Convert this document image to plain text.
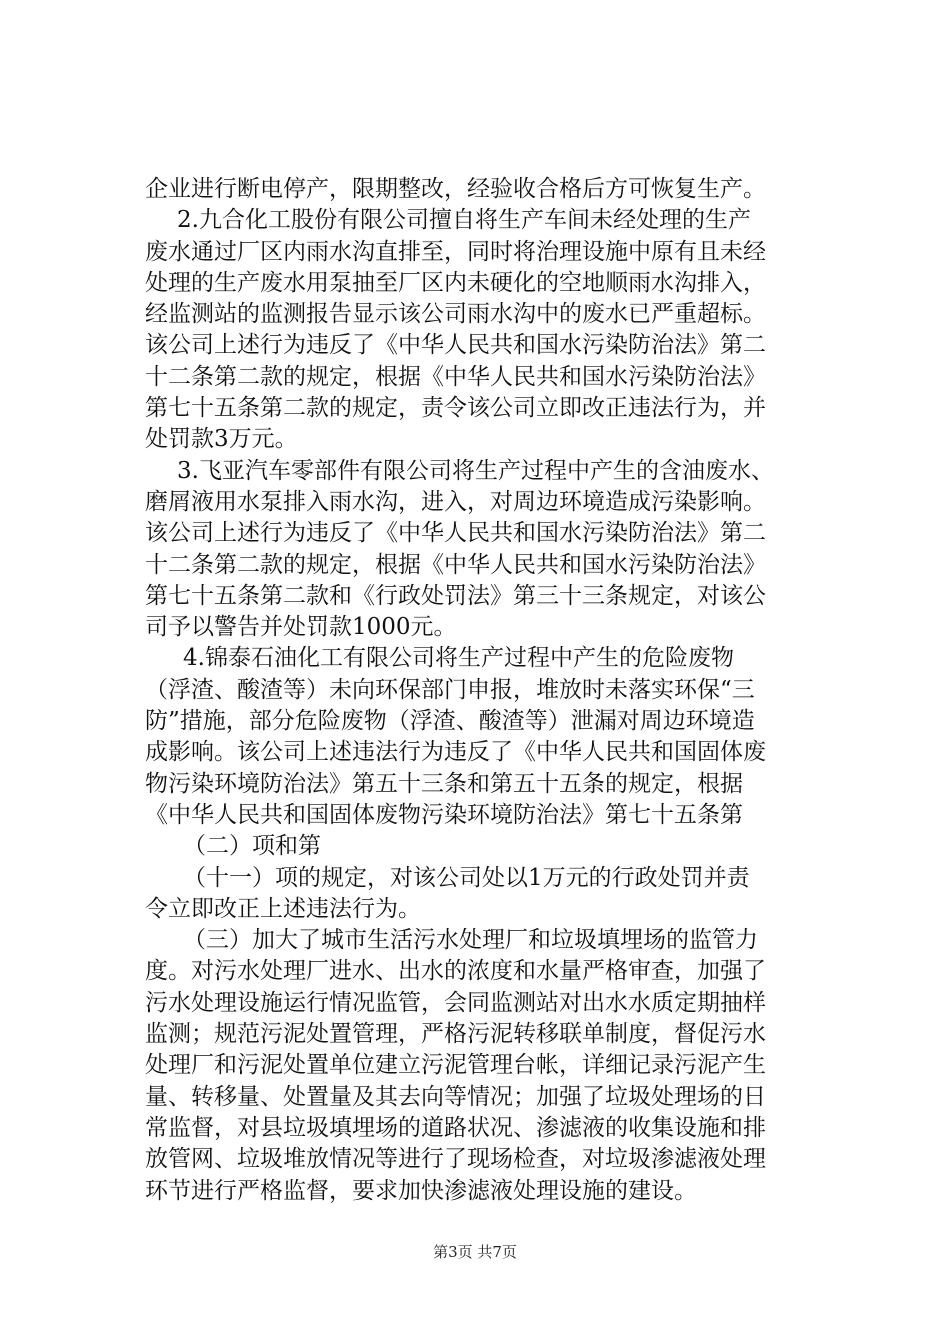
企业进行断电停产，限期整改，经验收合格后方可恢复生产。
2.九合化工股份有限公司擅自将生产车间未经处理的生产
废水通过厂区内雨水沟直排至，同时将治理设施中原有且未经
处理的生产废水用泵抽至厂区内未硬化的空地顺雨水沟排入，
经监测站的监测报告显示该公司雨水沟中的废水已严重超标。
该公司上述行为违反了《中华人民共和国水污染防治法》第二
十二条第二款的规定，根据《中华人民共和国水污染防治法》
第七十五条第二款的规定，责令该公司立即改正违法行为，并
处罚款3万元。
3.飞亚汽车零部件有限公司将生产过程中产生的含油废水、
磨屑液用水泵排入雨水沟，进入，对周边环境造成污染影响。
该公司上述行为违反了《中华人民共和国水污染防治法》第二
十二条第二款的规定，根据《中华人民共和国水污染防治法》
第七十五条第二款和《行政处罚法》第三十三条规定，对该公
司予以警告并处罚款1000元。
4.锦泰石油化工有限公司将生产过程中产生的危险废物
（浮渣、酸渣等）未向环保部门申报，堆放时未落实环保“三
防”措施，部分危险废物（浮渣、酸渣等）泄漏对周边环境造
成影响。该公司上述违法行为违反了《中华人民共和国固体废
物污染环境防治法》第五十三条和第五十五条的规定，根据
《中华人民共和国固体废物污染环境防治法》第七十五条第
（二）项和第
（十一）项的规定，对该公司处以1万元的行政处罚并责
令立即改正上述违法行为。
（三）加大了城市生活污水处理厂和垃圾填埋场的监管力
度。对污水处理厂进水、出水的浓度和水量严格审查，加强了
污水处理设施运行情况监管，会同监测站对出水水质定期抽样
监测；规范污泥处置管理，严格污泥转移联单制度，督促污水
处理厂和污泥处置单位建立污泥管理台帐，详细记录污泥产生
量、转移量、处置量及其去向等情况；加强了垃圾处理场的日
常监督，对县垃圾填埋场的道路状况、渗滤液的收集设施和排
放管网、垃圾堆放情况等进行了现场检查，对垃圾渗滤液处理
环节进行严格监督，要求加快渗滤液处理设施的建设。
第3页 共7页
